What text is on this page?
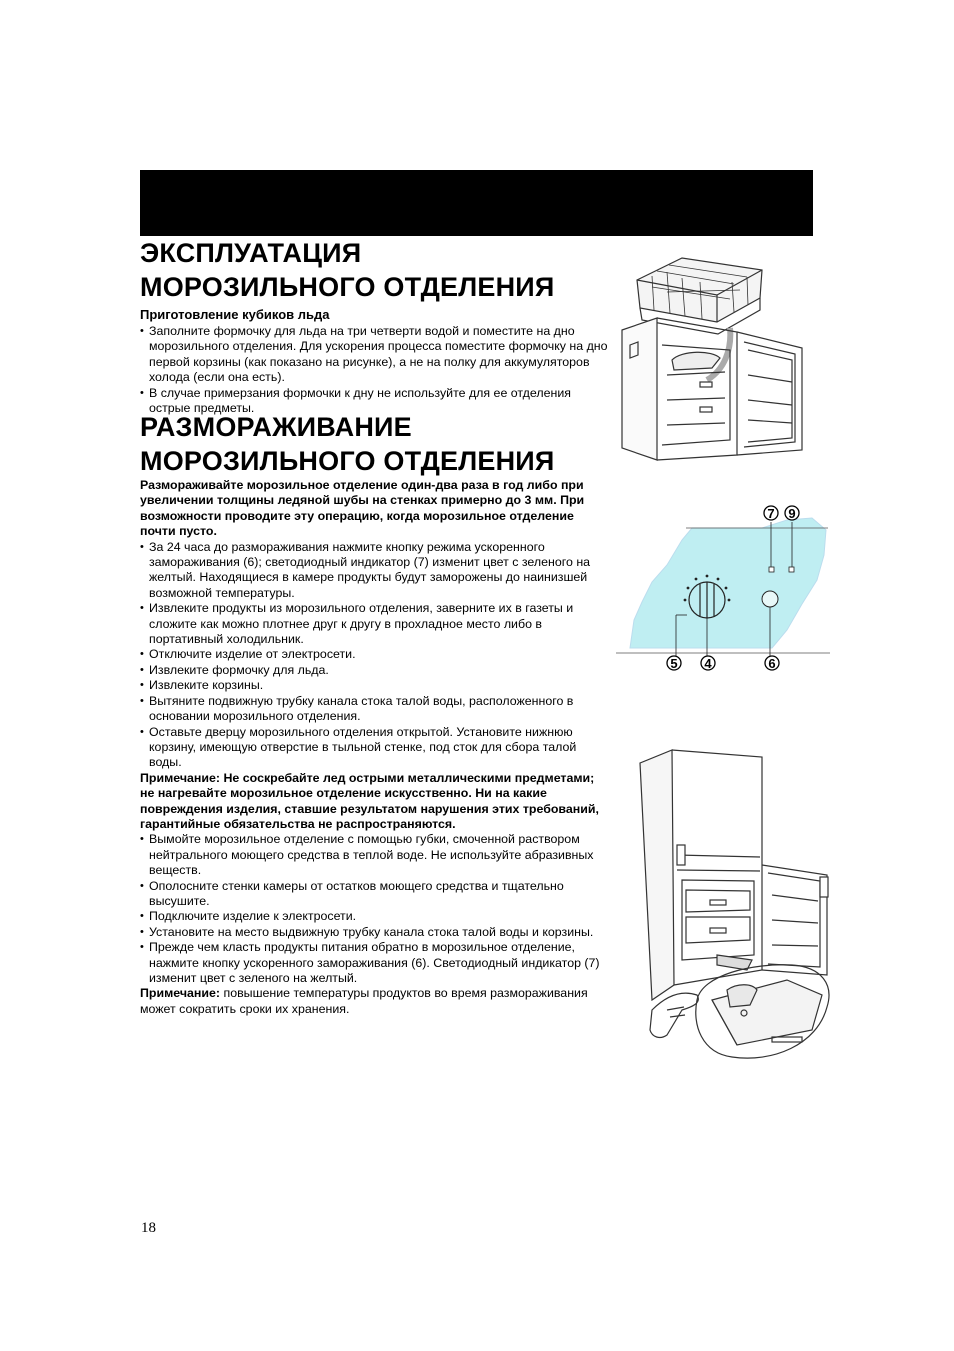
ЭКСПЛУАТАЦИЯ

МОРОЗИЛЬНОГО ОТДЕЛЕНИЯ

Приготовление кубиков льда

• Заполните формочку для льда на три четверти водой и поместите на дно морозильного отделения. Для ускорения процесса поместите формочку на дно первой корзины (как показано на рисунке), а не на полку для аккумуляторов холода (если она есть).
• В случае примерзания формочки к дну не используйте для ее отделения острые предметы.

РАЗМОРАЖИВАНИЕ

МОРОЗИЛЬНОГО ОТДЕЛЕНИЯ

Размораживайте морозильное отделение один-два раза в год либо при увеличении толщины ледяной шубы на стенках примерно до 3 мм. При возможности проводите эту операцию, когда морозильное отделение почти пусто.

• За 24 часа до размораживания нажмите кнопку режима ускоренного замораживания (6); светодиодный индикатор (7) изменит цвет с зеленого на желтый. Находящиеся в камере продукты будут заморожены до наинизшей возможной температуры.
• Извлеките продукты из морозильного отделения, заверните их в газеты и сложите как можно плотнее друг к другу в прохладное место либо в портативный холодильник.
• Отключите изделие от электросети.
• Извлеките формочку для льда.
• Извлеките корзины.
• Вытяните подвижную трубку канала стока талой воды, расположенного в основании морозильного отделения.
• Оставьте дверцу морозильного отделения открытой. Установите нижнюю корзину, имеющую отверстие в тыльной стенке, под сток для сбора талой воды.

Примечание: Не соскребайте лед острыми металлическими предметами; не нагревайте морозильное отделение искусственно. Ни на какие повреждения изделия, ставшие результатом нарушения этих требований, гарантийные обязательства не распространяются.

• Вымойте морозильное отделение с помощью губки, смоченной раствором нейтрального моющего средства в теплой воде. Не используйте абразивных веществ.
• Ополосните стенки камеры от остатков моющего средства и тщательно высушите.
• Подключите изделие к электросети.
• Установите на место выдвижную трубку канала стока талой воды и корзины.
• Прежде чем класть продукты питания обратно в морозильное отделение, нажмите кнопку ускоренного замораживания (6). Светодиодный индикатор (7) изменит цвет с зеленого на желтый.

Примечание: повышение температуры продуктов во время размораживания может сократить сроки их хранения.

7 9
5 4	6
18
